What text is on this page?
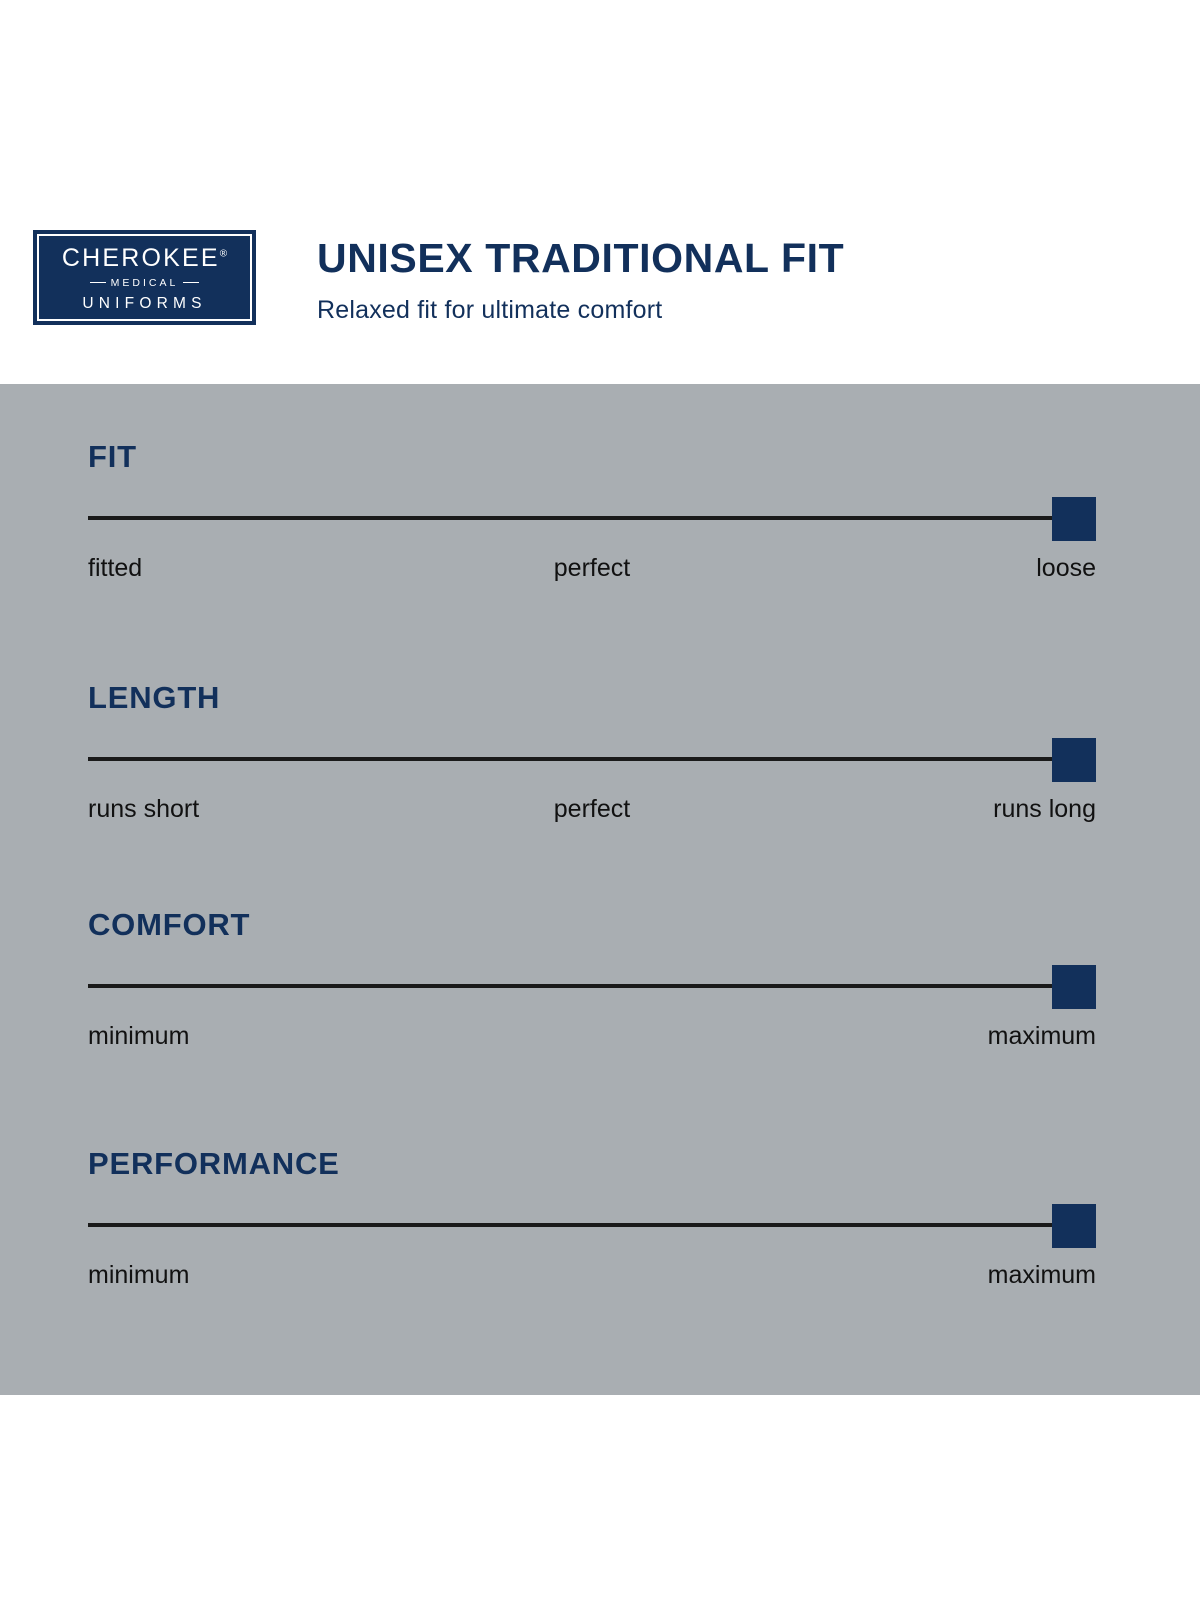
CHEROKEE®
MEDICAL
UNIFORMS
UNISEX TRADITIONAL FIT
Relaxed fit for ultimate comfort
FIT
fitted	perfect	loose
LENGTH
runs short	perfect	runs long
COMFORT
minimum	maximum
PERFORMANCE
minimum	maximum
